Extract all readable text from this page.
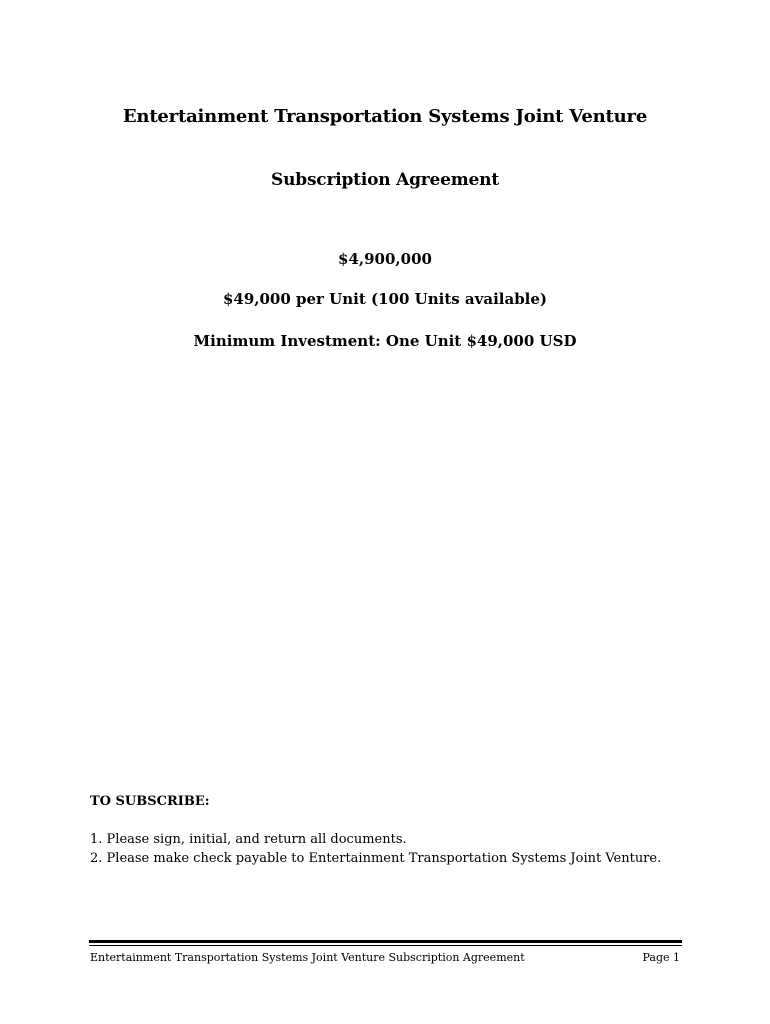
Entertainment Transportation Systems Joint Venture
Subscription Agreement
$4,900,000
$49,000 per Unit (100 Units available)
Minimum Investment: One Unit $49,000 USD
TO SUBSCRIBE:
1. Please sign, initial, and return all documents.
2. Please make check payable to Entertainment Transportation Systems Joint Venture.
Entertainment Transportation Systems Joint Venture Subscription Agreement	Page 1
